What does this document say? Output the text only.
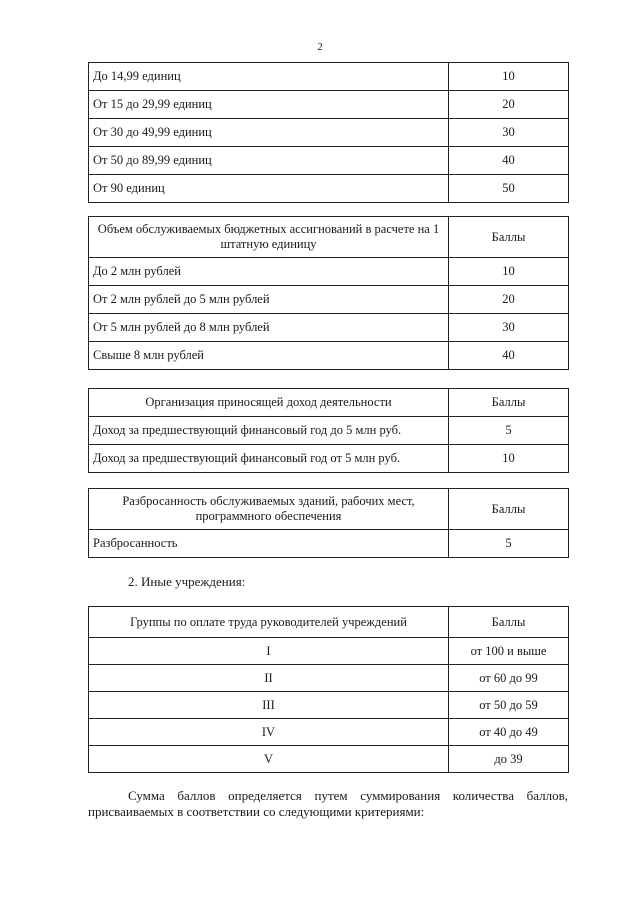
2
До 14,99 единиц	10
От 15 до 29,99 единиц	20
От 30 до 49,99 единиц	30
От 50 до 89,99 единиц	40
От 90 единиц	50
Объем обслуживаемых бюджетных ассигнований в расчете на 1 штатную единицу	Баллы
До 2 млн рублей	10
От 2 млн рублей до 5 млн рублей	20
От 5 млн рублей до 8 млн рублей	30
Свыше 8 млн рублей	40
Организация приносящей доход деятельности	Баллы
Доход за предшествующий финансовый год до 5 млн руб.	5
Доход за предшествующий финансовый год от 5 млн руб.	10
Разбросанность обслуживаемых зданий, рабочих мест, программного обеспечения	Баллы
Разбросанность	5
2. Иные учреждения:
Группы по оплате труда руководителей учреждений	Баллы
I	от 100 и выше
II	от 60 до 99
III	от 50 до 59
IV	от 40 до 49
V	до 39
Сумма баллов определяется путем суммирования количества баллов, присваиваемых в соответствии со следующими критериями:
